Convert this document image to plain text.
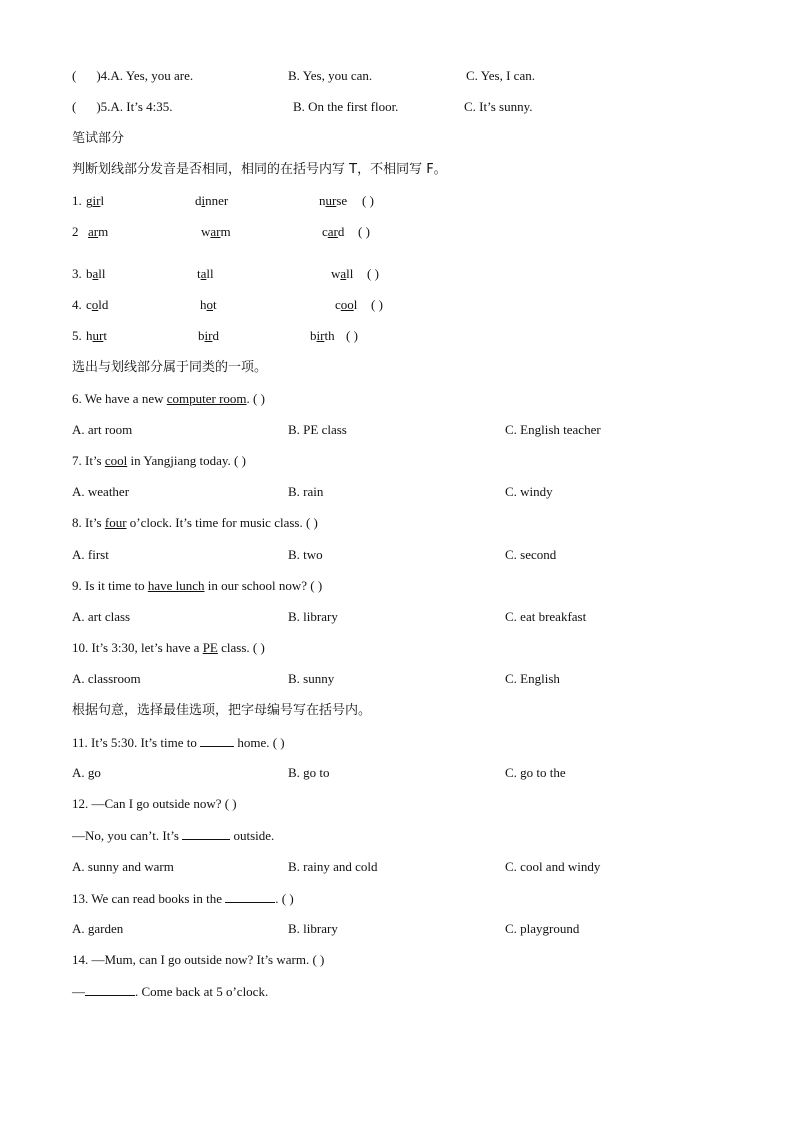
( )4.A. Yes, you are.	B. Yes, you can.	C. Yes, I can.
( )5.A. It’s 4:35.	B. On the first floor.	C. It’s sunny.
笔试部分
判断划线部分发音是否相同，相同的在括号内写 T，不相同写 F。
1. girl	dinner	nurse ( )
2 arm	warm	card ( )
3. ball	tall	wall ( )
4. cold	hot	cool ( )
5. hurt	bird	birth ( )
选出与划线部分属于同类的一项。
6. We have a new computer room. ( )
A. art room	B. PE class	C. English teacher
7. It’s cool in Yangjiang today. ( )
A. weather	B. rain	C. windy
8. It’s four o’clock. It’s time for music class. ( )
A. first	B. two	C. second
9. Is it time to have lunch in our school now? ( )
A. art class	B. library	C. eat breakfast
10. It’s 3:30, let’s have a PE class. ( )
A. classroom	B. sunny	C. English
根据句意，选择最佳选项，把字母编号写在括号内。
11. It’s 5:30. It’s time to	home. ( )
A. go	B. go to	C. go to the
12. —Can I go outside now? ( )
—No, you can’t. It’s	outside.
A. sunny and warm	B. rainy and cold	C. cool and windy
13. We can read books in the	. ( )
A. garden	B. library	C. playground
14. —Mum, can I go outside now? It’s warm. ( )
—	. Come back at 5 o’clock.
